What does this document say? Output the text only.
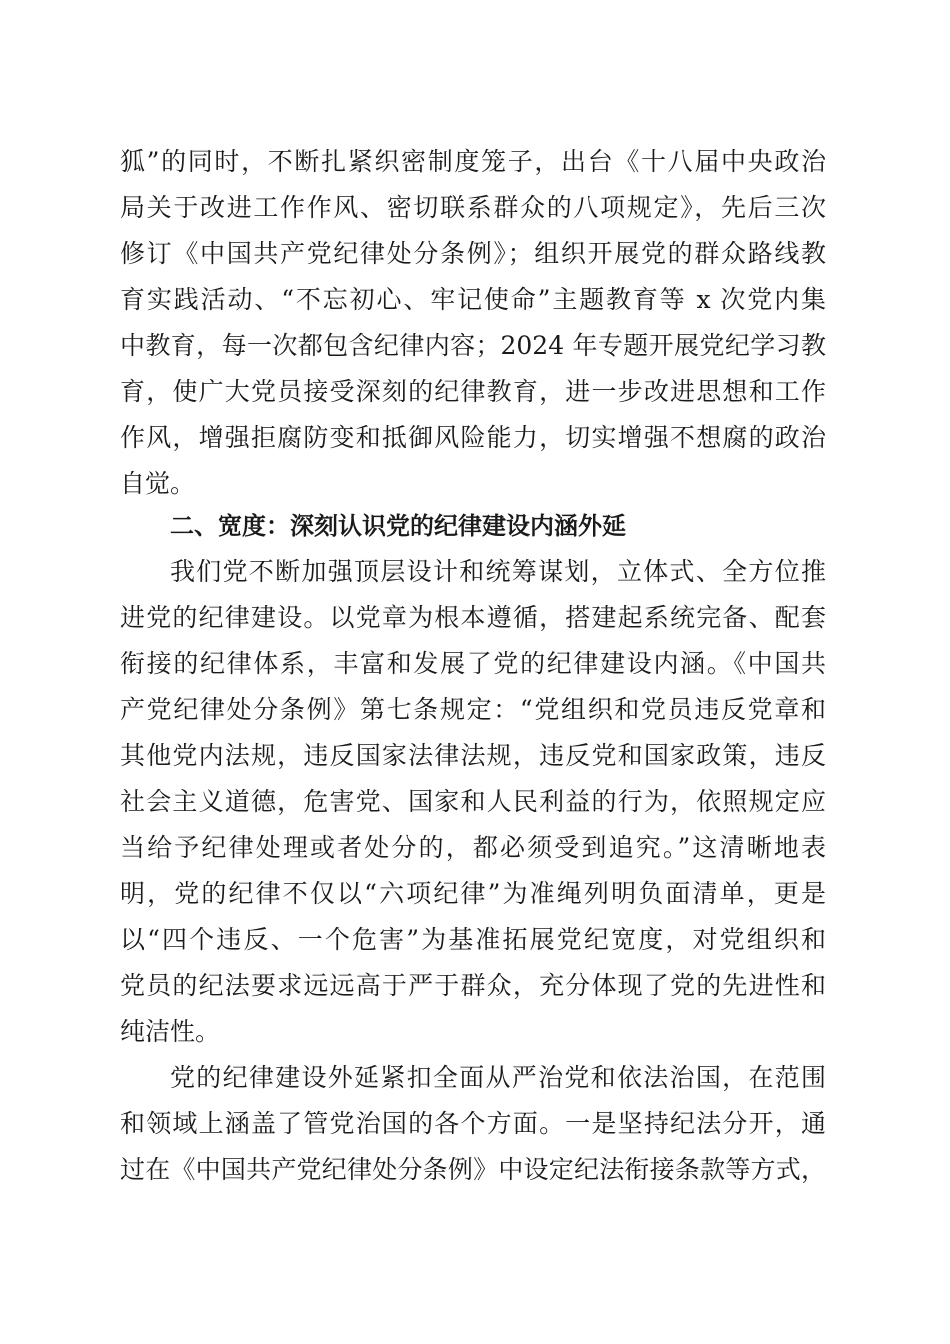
狐”的同时，不断扎紧织密制度笼子，出台《十八届中央政治
局关于改进工作作风、密切联系群众的八项规定》，先后三次
修订《中国共产党纪律处分条例》；组织开展党的群众路线教
育实践活动、“不忘初心、牢记使命”主题教育等 x 次党内集
中教育，每一次都包含纪律内容；2024 年专题开展党纪学习教
育，使广大党员接受深刻的纪律教育，进一步改进思想和工作
作风，增强拒腐防变和抵御风险能力，切实增强不想腐的政治
自觉。
二、宽度：深刻认识党的纪律建设内涵外延
我们党不断加强顶层设计和统筹谋划，立体式、全方位推
进党的纪律建设。以党章为根本遵循，搭建起系统完备、配套
衔接的纪律体系，丰富和发展了党的纪律建设内涵。《中国共
产党纪律处分条例》第七条规定：“党组织和党员违反党章和
其他党内法规，违反国家法律法规，违反党和国家政策，违反
社会主义道德，危害党、国家和人民利益的行为，依照规定应
当给予纪律处理或者处分的，都必须受到追究。”这清晰地表
明，党的纪律不仅以“六项纪律”为准绳列明负面清单，更是
以“四个违反、一个危害”为基准拓展党纪宽度，对党组织和
党员的纪法要求远远高于严于群众，充分体现了党的先进性和
纯洁性。
党的纪律建设外延紧扣全面从严治党和依法治国，在范围
和领域上涵盖了管党治国的各个方面。一是坚持纪法分开，通
过在《中国共产党纪律处分条例》中设定纪法衔接条款等方式，
